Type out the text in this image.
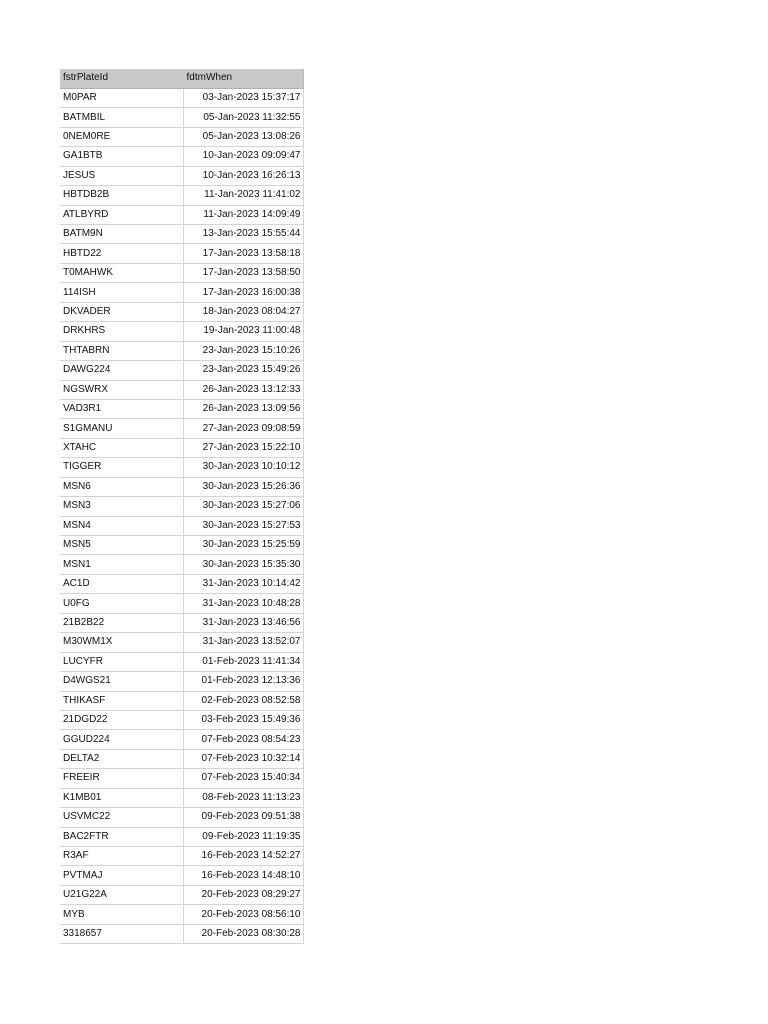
fstrPlateId	fdtmWhen
M0PAR	03-Jan-2023 15:37:17
BATMBIL	05-Jan-2023 11:32:55
0NEM0RE	05-Jan-2023 13:08:26
GA1BTB	10-Jan-2023 09:09:47
JESUS	10-Jan-2023 16:26:13
HBTDB2B	11-Jan-2023 11:41:02
ATLBYRD	11-Jan-2023 14:09:49
BATM9N	13-Jan-2023 15:55:44
HBTD22	17-Jan-2023 13:58:18
T0MAHWK	17-Jan-2023 13:58:50
114ISH	17-Jan-2023 16:00:38
DKVADER	18-Jan-2023 08:04:27
DRKHRS	19-Jan-2023 11:00:48
THTABRN	23-Jan-2023 15:10:26
DAWG224	23-Jan-2023 15:49:26
NGSWRX	26-Jan-2023 13:12:33
VAD3R1	26-Jan-2023 13:09:56
S1GMANU	27-Jan-2023 09:08:59
XTAHC	27-Jan-2023 15:22:10
TIGGER	30-Jan-2023 10:10:12
MSN6	30-Jan-2023 15:26:36
MSN3	30-Jan-2023 15:27:06
MSN4	30-Jan-2023 15:27:53
MSN5	30-Jan-2023 15:25:59
MSN1	30-Jan-2023 15:35:30
AC1D	31-Jan-2023 10:14:42
U0FG	31-Jan-2023 10:48:28
21B2B22	31-Jan-2023 13:46:56
M30WM1X	31-Jan-2023 13:52:07
LUCYFR	01-Feb-2023 11:41:34
D4WGS21	01-Feb-2023 12:13:36
THIKASF	02-Feb-2023 08:52:58
21DGD22	03-Feb-2023 15:49:36
GGUD224	07-Feb-2023 08:54:23
DELTA2	07-Feb-2023 10:32:14
FREEIR	07-Feb-2023 15:40:34
K1MB01	08-Feb-2023 11:13:23
USVMC22	09-Feb-2023 09:51:38
BAC2FTR	09-Feb-2023 11:19:35
R3AF	16-Feb-2023 14:52:27
PVTMAJ	16-Feb-2023 14:48:10
U21G22A	20-Feb-2023 08:29:27
MYB	20-Feb-2023 08:56:10
3318657	20-Feb-2023 08:30:28
